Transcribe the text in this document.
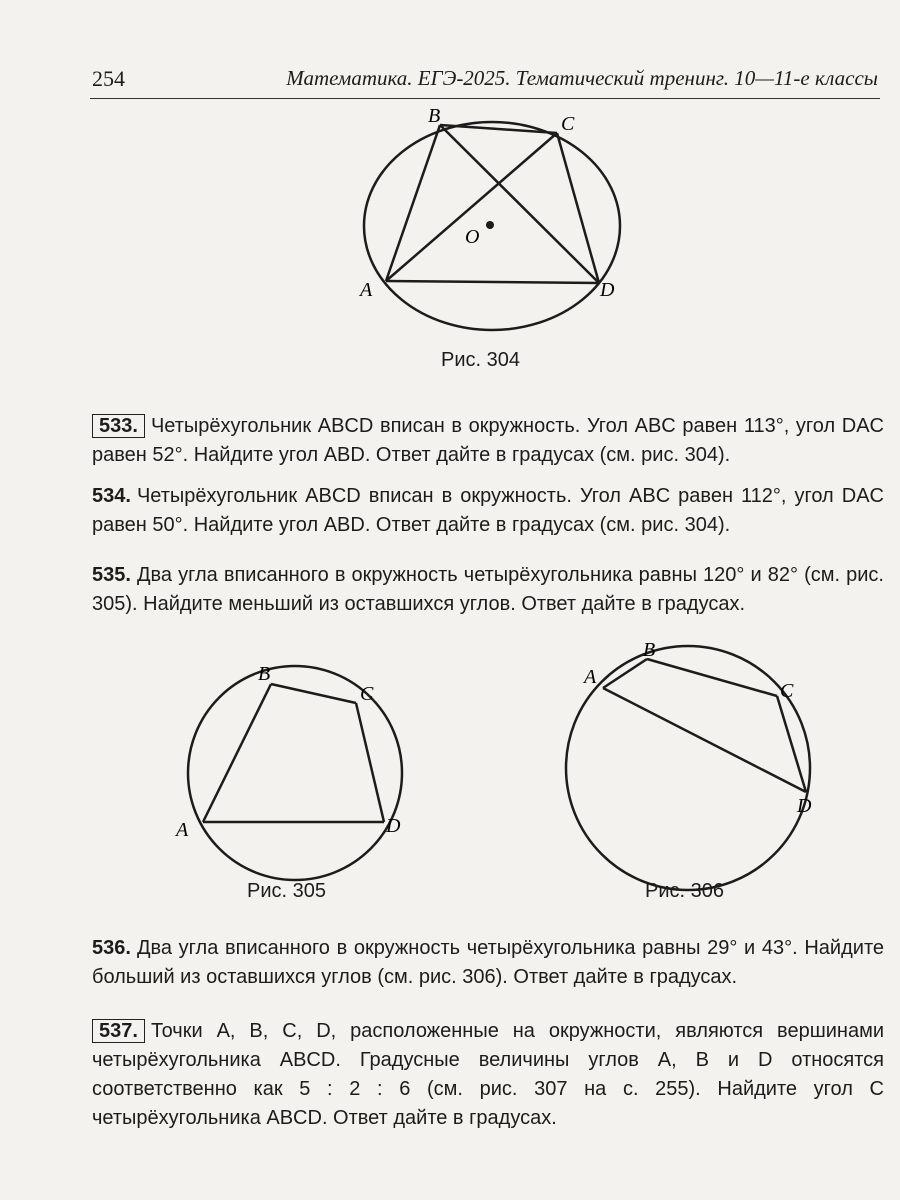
254	Математика. ЕГЭ-2025. Тематический тренинг. 10—11-е классы
B	C
A	D
O
Рис. 304
533. Четырёхугольник ABCD вписан в окружность. Угол ABC равен 113°, угол DAC равен 52°. Найдите угол ABD. Ответ дайте в градусах (см. рис. 304).
534. Четырёхугольник ABCD вписан в окружность. Угол ABC равен 112°, угол DAC равен 50°. Найдите угол ABD. Ответ дайте в градусах (см. рис. 304).
535. Два угла вписанного в окружность четырёхугольника равны 120° и 82° (см. рис. 305). Найдите меньший из оставшихся углов. Ответ дайте в градусах.
B
C
A	D
Рис. 305
B
A
C
D
Рис. 306
536. Два угла вписанного в окружность четырёхугольника равны 29° и 43°. Найдите больший из оставшихся углов (см. рис. 306). Ответ дайте в градусах.
537. Точки A, B, C, D, расположенные на окружности, являются вершинами четырёхугольника ABCD. Градусные величины углов A, B и D относятся соответственно как 5 : 2 : 6 (см. рис. 307 на с. 255). Найдите угол C четырёхугольника ABCD. Ответ дайте в градусах.
